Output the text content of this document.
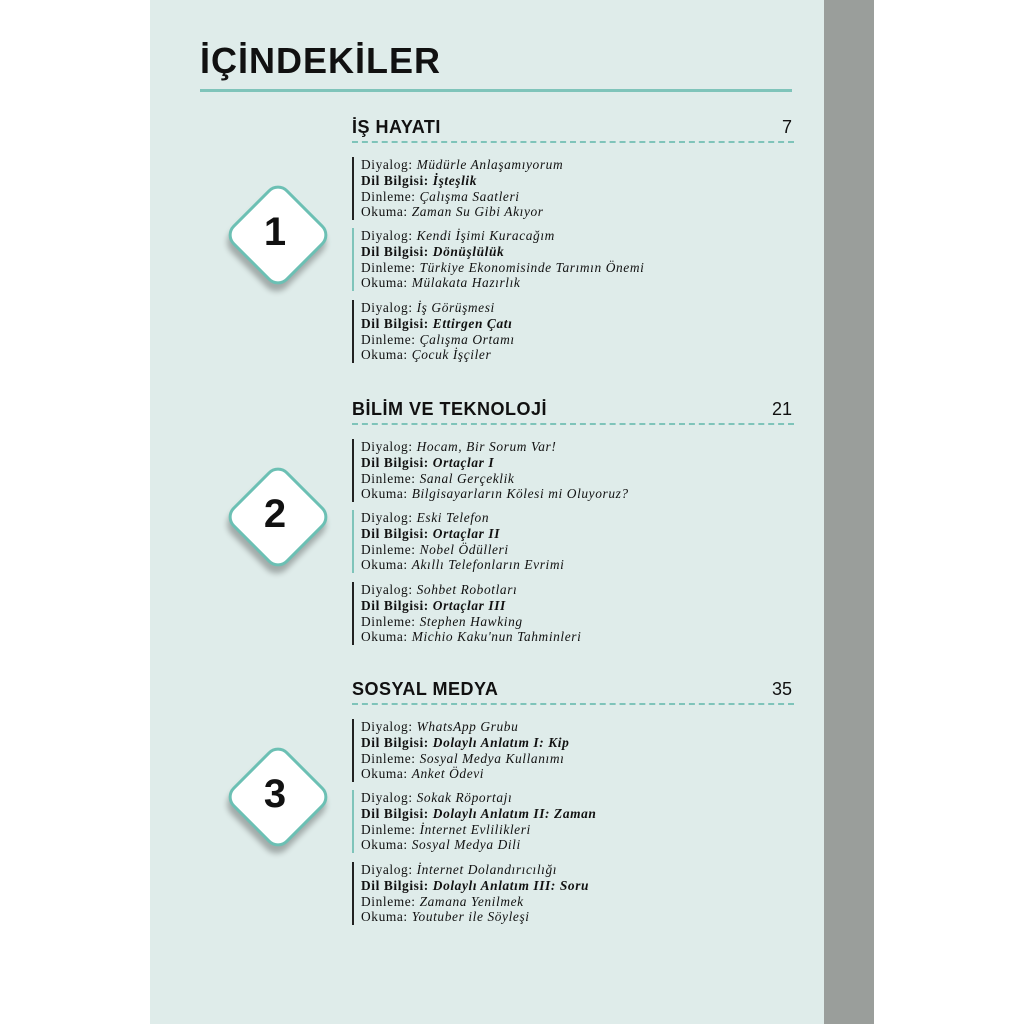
İÇİNDEKİLER
İŞ HAYATI	7
1
Diyalog: Müdürle Anlaşamıyorum
Dil Bilgisi: İşteşlik
Dinleme: Çalışma Saatleri
Okuma: Zaman Su Gibi Akıyor
Diyalog: Kendi İşimi Kuracağım
Dil Bilgisi: Dönüşlülük
Dinleme: Türkiye Ekonomisinde Tarımın Önemi
Okuma: Mülakata Hazırlık
Diyalog: İş Görüşmesi
Dil Bilgisi: Ettirgen Çatı
Dinleme: Çalışma Ortamı
Okuma: Çocuk İşçiler
BİLİM VE TEKNOLOJİ	21
2
Diyalog: Hocam, Bir Sorum Var!
Dil Bilgisi: Ortaçlar I
Dinleme: Sanal Gerçeklik
Okuma: Bilgisayarların Kölesi mi Oluyoruz?
Diyalog: Eski Telefon
Dil Bilgisi: Ortaçlar II
Dinleme: Nobel Ödülleri
Okuma: Akıllı Telefonların Evrimi
Diyalog: Sohbet Robotları
Dil Bilgisi: Ortaçlar III
Dinleme: Stephen Hawking
Okuma: Michio Kaku'nun Tahminleri
SOSYAL MEDYA	35
3
Diyalog: WhatsApp Grubu
Dil Bilgisi: Dolaylı Anlatım I: Kip
Dinleme: Sosyal Medya Kullanımı
Okuma: Anket Ödevi
Diyalog: Sokak Röportajı
Dil Bilgisi: Dolaylı Anlatım II: Zaman
Dinleme: İnternet Evlilikleri
Okuma: Sosyal Medya Dili
Diyalog: İnternet Dolandırıcılığı
Dil Bilgisi: Dolaylı Anlatım III: Soru
Dinleme: Zamana Yenilmek
Okuma: Youtuber ile Söyleşi
